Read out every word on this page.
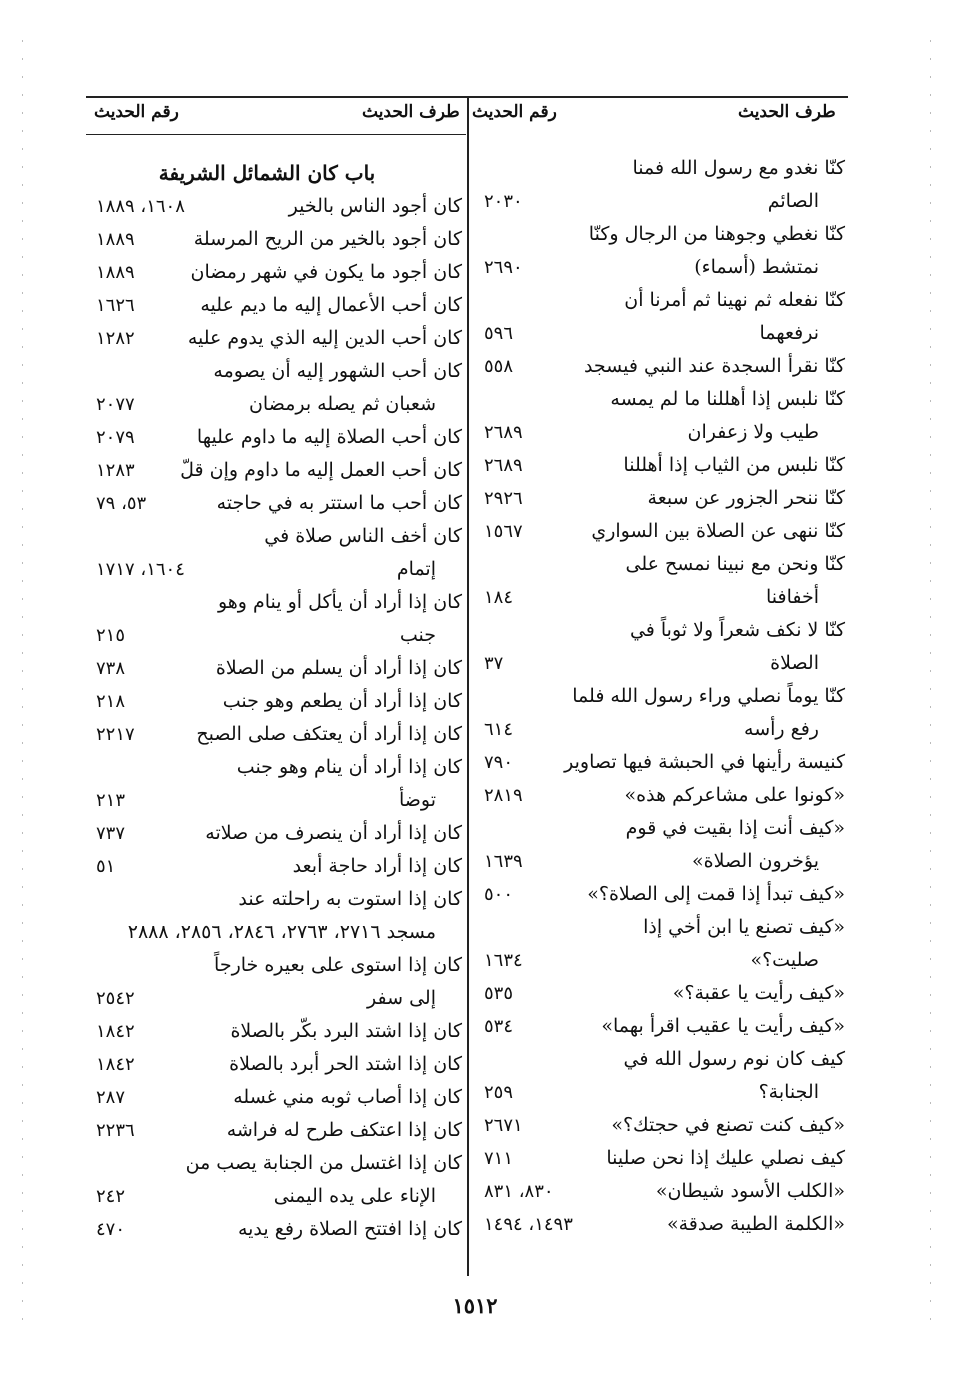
طرف الحديث
رقم الحديث
طرف الحديث
رقم الحديث
كنّا نغدو مع رسول الله فمنا
الصائم
٢٠٣٠
كنّا نغطي وجوهنا من الرجال وكنّا
نمتشط (أسماء)
٢٦٩٠
كنّا نفعله ثم نهينا ثم أمرنا أن
نرفعهما
٥٩٦
كنّا نقرأ السجدة عند النبي فيسجد
٥٥٨
كنّا نلبس إذا أهللنا ما لم يمسه
طيب ولا زعفران
٢٦٨٩
كنّا نلبس من الثياب إذا أهللنا
٢٦٨٩
كنّا ننحر الجزور عن سبعة
٢٩٢٦
كنّا ننهى عن الصلاة بين السواري
١٥٦٧
كنّا ونحن مع نبينا نمسح على
أخفافنا
١٨٤
كنّا لا نكف شعراً ولا ثوباً في
الصلاة
٣٧
كنّا يوماً نصلي وراء رسول الله فلما
رفع رأسه
٦١٤
كنيسة رأينها في الحبشة فيها تصاوير
٧٩٠
«كونوا على مشاعركم هذه»
٢٨١٩
«كيف أنت إذا بقيت في قوم
يؤخرون الصلاة»
١٦٣٩
«كيف تبدأ إذا قمت إلى الصلاة؟»
٥٠٠
«كيف تصنع يا ابن أخي إذا
صليت؟»
١٦٣٤
«كيف رأيت يا عقبة؟»
٥٣٥
«كيف رأيت يا عقيب اقرأ بهما»
٥٣٤
كيف كان نوم رسول الله في
الجنابة؟
٢٥٩
«كيف كنت تصنع في حجتك؟»
٢٦٧١
كيف نصلي عليك إذا نحن صلينا
٧١١
«الكلب الأسود شيطان»
٨٣٠، ٨٣١
«الكلمة الطيبة صدقة»
١٤٩٣، ١٤٩٤
باب كان الشمائل الشريفة
كان أجود الناس بالخير
١٦٠٨، ١٨٨٩
كان أجود بالخير من الريح المرسلة
١٨٨٩
كان أجود ما يكون في شهر رمضان
١٨٨٩
كان أحب الأعمال إليه ما ديم عليه
١٦٢٦
كان أحب الدين إليه الذي يدوم عليه
١٢٨٢
كان أحب الشهور إليه أن يصومه
شعبان ثم يصله برمضان
٢٠٧٧
كان أحب الصلاة إليه ما داوم عليها
٢٠٧٩
كان أحب العمل إليه ما داوم وإن قلّ
١٢٨٣
كان أحب ما استتر به في حاجته
٥٣، ٧٩
كان أخف الناس صلاة في
إتمام
١٦٠٤، ١٧١٧
كان إذا أراد أن يأكل أو ينام وهو
جنب
٢١٥
كان إذا أراد أن يسلم من الصلاة
٧٣٨
كان إذا أراد أن يطعم وهو جنب
٢١٨
كان إذا أراد أن يعتكف صلى الصبح
٢٢١٧
كان إذا أراد أن ينام وهو جنب
توضأ
٢١٣
كان إذا أراد أن ينصرف من صلاته
٧٣٧
كان إذا أراد حاجة أبعد
٥١
كان إذا استوت به راحلته عند
مسجد ٢٧١٦، ٢٧٦٣، ٢٨٤٦، ٢٨٥٦، ٢٨٨٨
كان إذا استوى على بعيره خارجاً
إلى سفر
٢٥٤٢
كان إذا اشتد البرد بكّر بالصلاة
١٨٤٢
كان إذا اشتد الحر أبرد بالصلاة
١٨٤٢
كان إذا أصاب ثوبه مني غسله
٢٨٧
كان إذا اعتكف طرح له فراشه
٢٢٣٦
كان إذا اغتسل من الجنابة يصب من
الإناء على يده اليمنى
٢٤٢
كان إذا افتتح الصلاة رفع يديه
٤٧٠
١٥١٢
